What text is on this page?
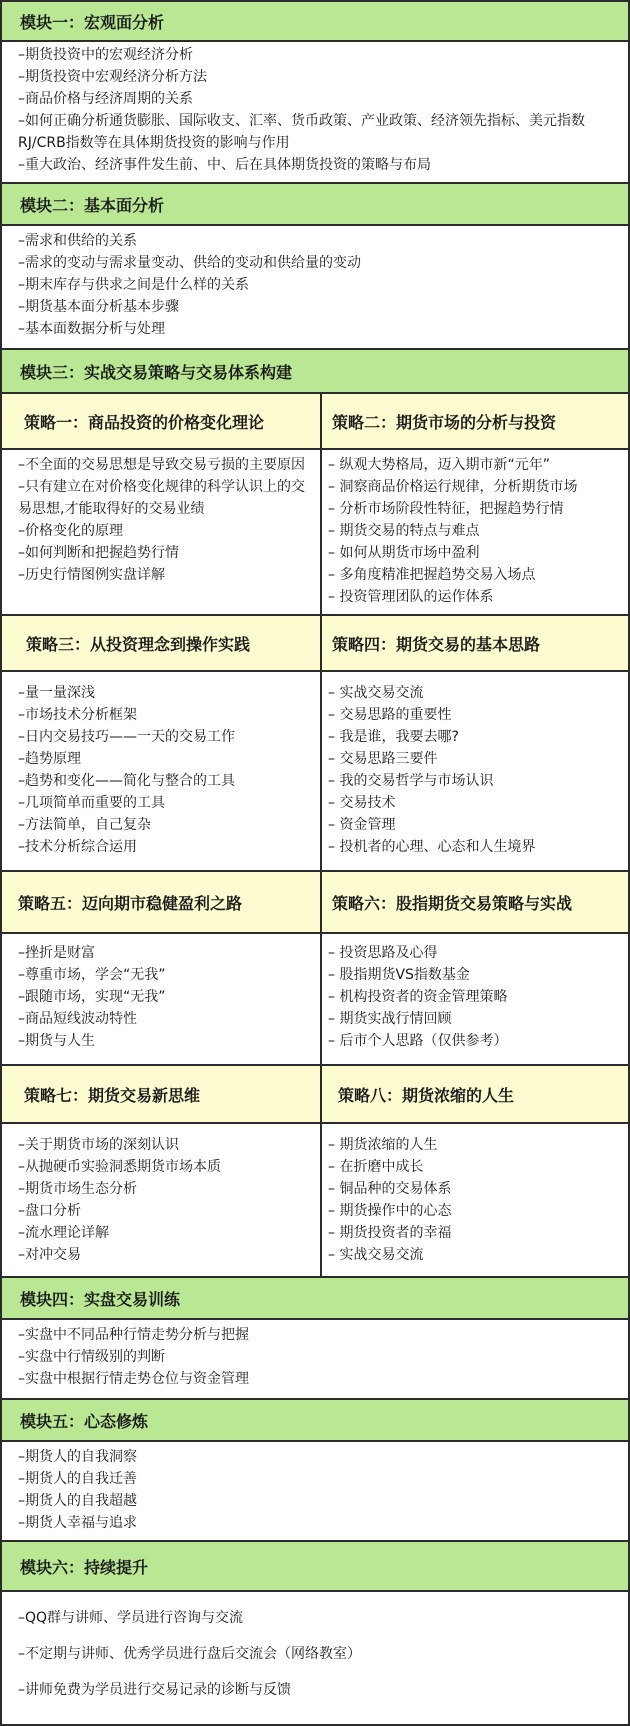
模块一：宏观面分析
–期货投资中的宏观经济分析
–期货投资中宏观经济分析方法
–商品价格与经济周期的关系
–如何正确分析通货膨胀、国际收支、汇率、货币政策、产业政策、经济领先指标、美元指数
RJ/CRB指数等在具体期货投资的影响与作用
–重大政治、经济事件发生前、中、后在具体期货投资的策略与布局
模块二：基本面分析
–需求和供给的关系
–需求的变动与需求量变动、供给的变动和供给量的变动
–期末库存与供求之间是什么样的关系
–期货基本面分析基本步骤
–基本面数据分析与处理
模块三：实战交易策略与交易体系构建
策略一：商品投资的价格变化理论	策略二：期货市场的分析与投资
–不全面的交易思想是导致交易亏损的主要原因
–只有建立在对价格变化规律的科学认识上的交
易思想,才能取得好的交易业绩
–价格变化的原理
–如何判断和把握趋势行情
–历史行情图例实盘详解
– 纵观大势格局，迈入期市新“元年”
– 洞察商品价格运行规律，分析期货市场
– 分析市场阶段性特征，把握趋势行情
– 期货交易的特点与难点
– 如何从期货市场中盈利
– 多角度精准把握趋势交易入场点
– 投资管理团队的运作体系
策略三：从投资理念到操作实践	策略四：期货交易的基本思路
–量一量深浅
–市场技术分析框架
–日内交易技巧——一天的交易工作
–趋势原理
–趋势和变化——简化与整合的工具
–几项简单而重要的工具
–方法简单，自己复杂
–技术分析综合运用
– 实战交易交流
– 交易思路的重要性
– 我是谁，我要去哪?
– 交易思路三要件
– 我的交易哲学与市场认识
– 交易技术
– 资金管理
– 投机者的心理、心态和人生境界
策略五：迈向期市稳健盈利之路	策略六：股指期货交易策略与实战
–挫折是财富
–尊重市场，学会“无我”
–跟随市场，实现“无我”
–商品短线波动特性
–期货与人生
– 投资思路及心得
– 股指期货VS指数基金
– 机构投资者的资金管理策略
– 期货实战行情回顾
– 后市个人思路（仅供参考）
策略七：期货交易新思维	策略八：期货浓缩的人生
–关于期货市场的深刻认识
–从抛硬币实验洞悉期货市场本质
–期货市场生态分析
–盘口分析
–流水理论详解
–对冲交易
– 期货浓缩的人生
– 在折磨中成长
– 铜品种的交易体系
– 期货操作中的心态
– 期货投资者的幸福
– 实战交易交流
模块四：实盘交易训练
–实盘中不同品种行情走势分析与把握
–实盘中行情级别的判断
–实盘中根据行情走势仓位与资金管理
模块五：心态修炼
–期货人的自我洞察
–期货人的自我迁善
–期货人的自我超越
–期货人幸福与追求
模块六：持续提升
–QQ群与讲师、学员进行咨询与交流
–不定期与讲师、优秀学员进行盘后交流会（网络教室）
–讲师免费为学员进行交易记录的诊断与反馈
